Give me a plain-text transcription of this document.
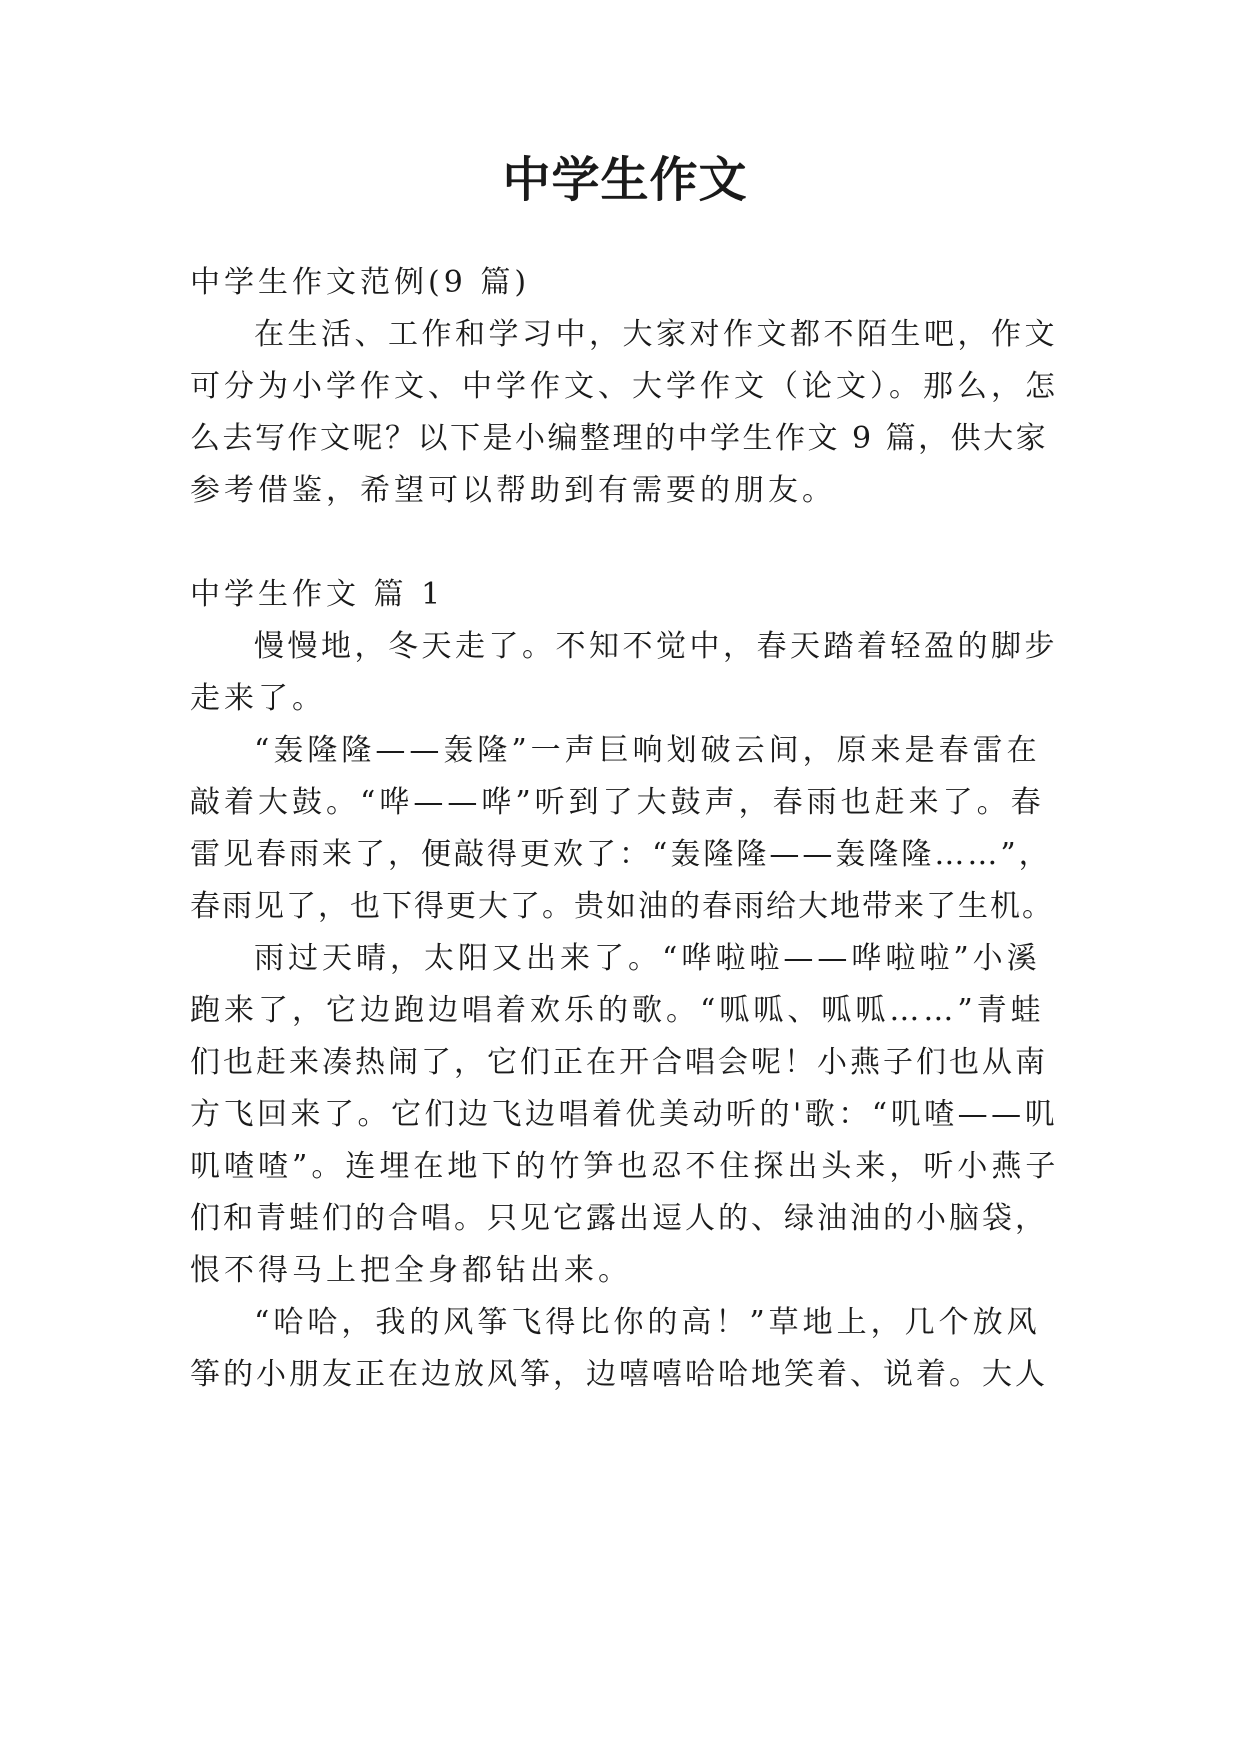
中学生作文
中学生作文范例(9 篇)
在生活、工作和学习中，大家对作文都不陌生吧，作文
可分为小学作文、中学作文、大学作文（论文）。那么，怎
么去写作文呢？以下是小编整理的中学生作文 9 篇，供大家
参考借鉴，希望可以帮助到有需要的朋友。
中学生作文 篇 1
慢慢地，冬天走了。不知不觉中，春天踏着轻盈的脚步
走来了。
“轰隆隆——轰隆”一声巨响划破云间，原来是春雷在
敲着大鼓。“哗——哗”听到了大鼓声，春雨也赶来了。春
雷见春雨来了，便敲得更欢了：“轰隆隆——轰隆隆……”，
春雨见了，也下得更大了。贵如油的春雨给大地带来了生机。
雨过天晴，太阳又出来了。“哗啦啦——哗啦啦”小溪
跑来了，它边跑边唱着欢乐的歌。“呱呱、呱呱……”青蛙
们也赶来凑热闹了，它们正在开合唱会呢！小燕子们也从南
方飞回来了。它们边飞边唱着优美动听的'歌：“叽喳——叽
叽喳喳”。连埋在地下的竹笋也忍不住探出头来，听小燕子
们和青蛙们的合唱。只见它露出逗人的、绿油油的小脑袋，
恨不得马上把全身都钻出来。
“哈哈，我的风筝飞得比你的高！”草地上，几个放风
筝的小朋友正在边放风筝，边嘻嘻哈哈地笑着、说着。大人
